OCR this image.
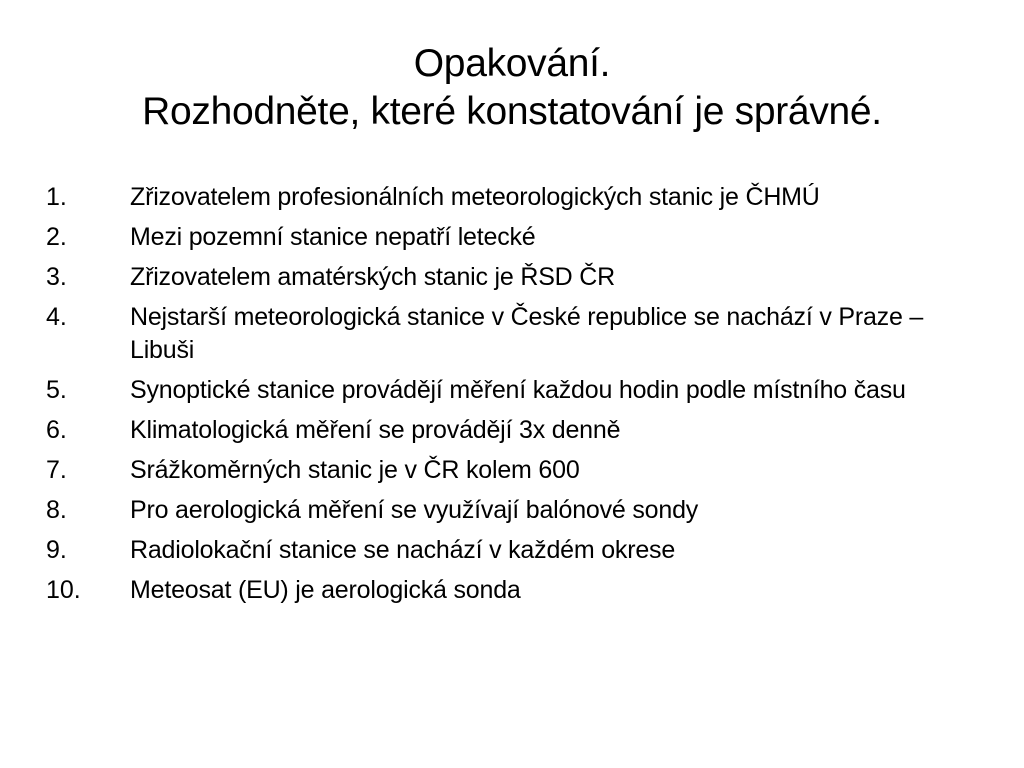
Opakování.
Rozhodněte, které konstatování je správné.
1.	Zřizovatelem profesionálních meteorologických stanic je ČHMÚ
2.	Mezi pozemní stanice nepatří letecké
3.	Zřizovatelem amatérských stanic je ŘSD ČR
4.	Nejstarší meteorologická stanice v České republice se nachází v Praze – Libuši
5.	Synoptické stanice provádějí měření každou hodin podle místního času
6.	Klimatologická měření se provádějí 3x denně
7.	Srážkoměrných stanic je v ČR kolem 600
8.	Pro aerologická měření se využívají balónové sondy
9.	Radiolokační stanice se nachází v každém okrese
10.	Meteosat (EU) je aerologická sonda
